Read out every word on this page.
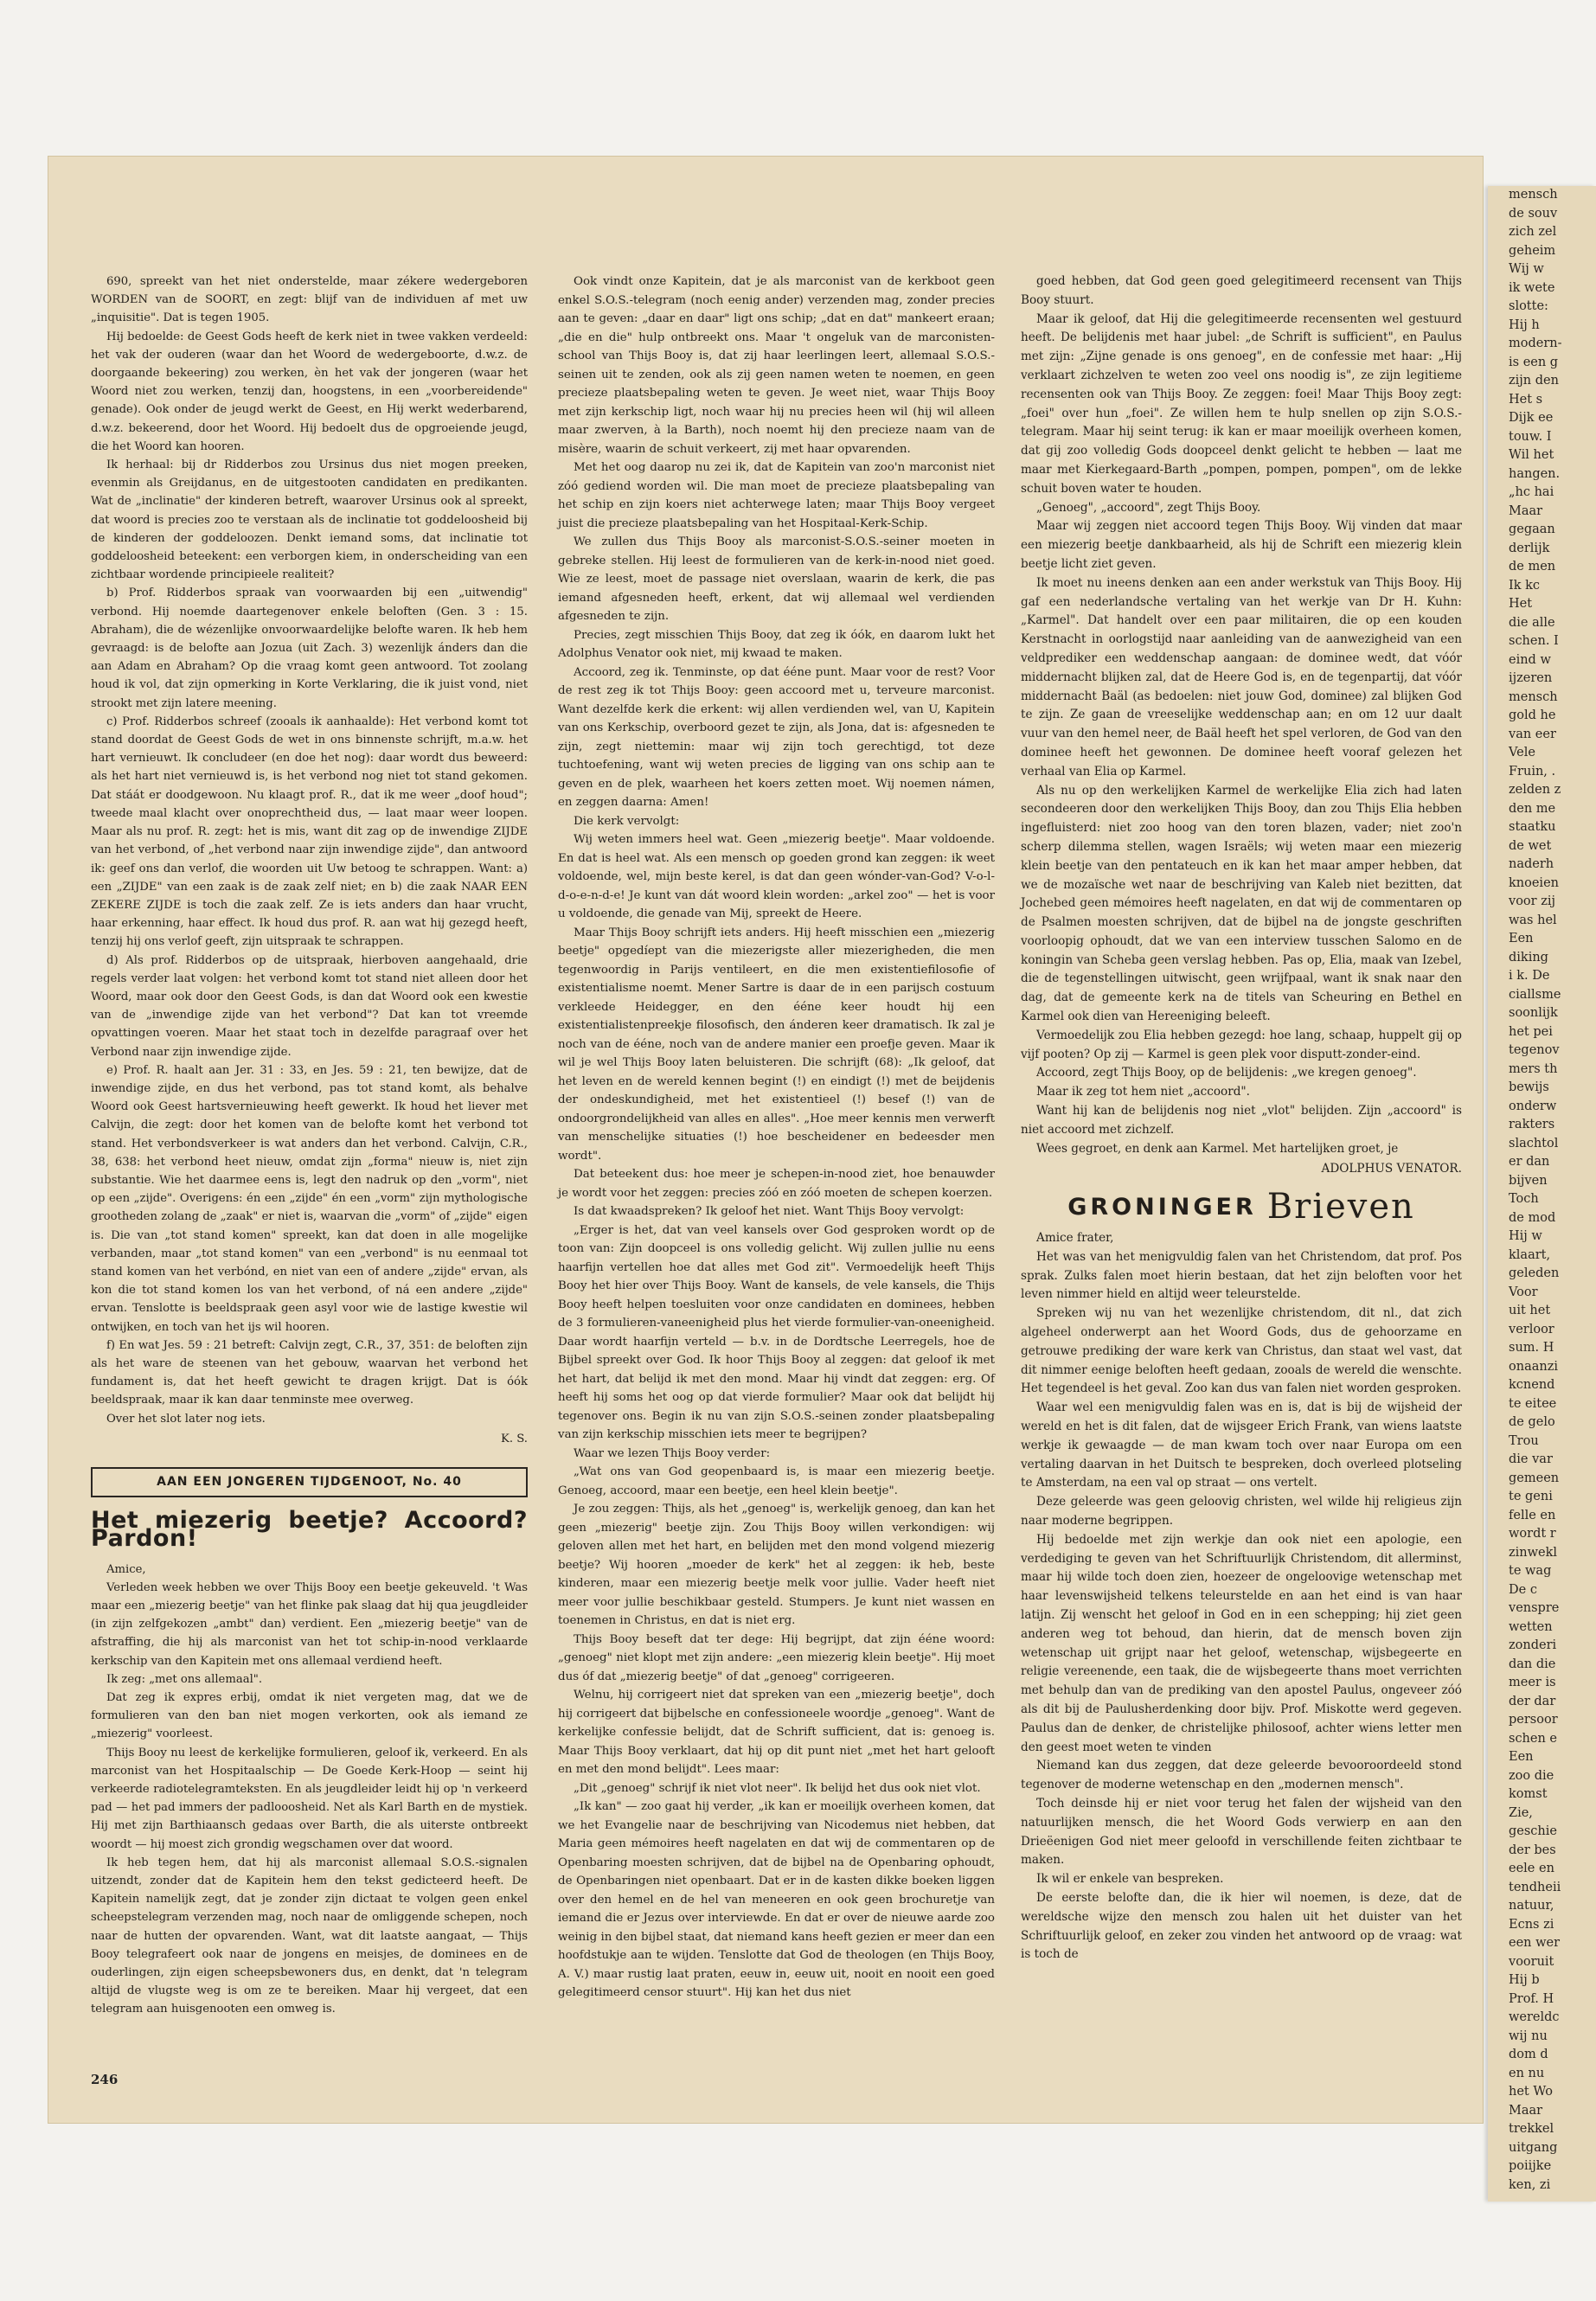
690, spreekt van het niet onderstelde, maar zékere wedergeboren WORDEN van de SOORT, en zegt: blijf van de individuen af met uw „inquisitie". Dat is tegen 1905.

Hij bedoelde: de Geest Gods heeft de kerk niet in twee vakken verdeeld: het vak der ouderen (waar dan het Woord de wedergeboorte, d.w.z. de doorgaande bekeering) zou werken, èn het vak der jongeren (waar het Woord niet zou werken, tenzij dan, hoogstens, in een „voorbereidende" genade). Ook onder de jeugd werkt de Geest, en Hij werkt wederbarend, d.w.z. bekeerend, door het Woord. Hij bedoelt dus de opgroeiende jeugd, die het Woord kan hooren.

Ik herhaal: bij dr Ridderbos zou Ursinus dus niet mogen preeken, evenmin als Greijdanus, en de uitgestooten candidaten en predikanten. Wat de „inclinatie" der kinderen betreft, waarover Ursinus ook al spreekt, dat woord is precies zoo te verstaan als de inclinatie tot goddeloosheid bij de kinderen der goddeloozen. Denkt iemand soms, dat inclinatie tot goddeloosheid beteekent: een verborgen kiem, in onderscheiding van een zichtbaar wordende principieele realiteit?

b) Prof. Ridderbos spraak van voorwaarden bij een „uitwendig" verbond. Hij noemde daartegenover enkele beloften (Gen. 3 : 15. Abraham), die de wézenlijke onvoorwaardelijke belofte waren. Ik heb hem gevraagd: is de belofte aan Jozua (uit Zach. 3) wezenlijk ánders dan die aan Adam en Abraham? Op die vraag komt geen antwoord. Tot zoolang houd ik vol, dat zijn opmerking in Korte Verklaring, die ik juist vond, niet strookt met zijn latere meening.

c) Prof. Ridderbos schreef (zooals ik aanhaalde): Het verbond komt tot stand doordat de Geest Gods de wet in ons binnenste schrijft, m.a.w. het hart vernieuwt. Ik concludeer (en doe het nog): daar wordt dus beweerd: als het hart niet vernieuwd is, is het verbond nog niet tot stand gekomen. Dat stáát er doodgewoon. Nu klaagt prof. R., dat ik me weer „doof houd"; tweede maal klacht over onoprechtheid dus, — laat maar weer loopen. Maar als nu prof. R. zegt: het is mis, want dit zag op de inwendige ZIJDE van het verbond, of „het verbond naar zijn inwendige zijde", dan antwoord ik: geef ons dan verlof, die woorden uit Uw betoog te schrappen. Want: a) een „ZIJDE" van een zaak is de zaak zelf niet; en b) die zaak NAAR EEN ZEKERE ZIJDE is toch die zaak zelf. Ze is iets anders dan haar vrucht, haar erkenning, haar effect. Ik houd dus prof. R. aan wat hij gezegd heeft, tenzij hij ons verlof geeft, zijn uitspraak te schrappen.

d) Als prof. Ridderbos op de uitspraak, hierboven aangehaald, drie regels verder laat volgen: het verbond komt tot stand niet alleen door het Woord, maar ook door den Geest Gods, is dan dat Woord ook een kwestie van de „inwendige zijde van het verbond"? Dat kan tot vreemde opvattingen voeren. Maar het staat toch in dezelfde paragraaf over het Verbond naar zijn inwendige zijde.

e) Prof. R. haalt aan Jer. 31 : 33, en Jes. 59 : 21, ten bewijze, dat de inwendige zijde, en dus het verbond, pas tot stand komt, als behalve Woord ook Geest hartsvernieuwing heeft gewerkt. Ik houd het liever met Calvijn, die zegt: door het komen van de belofte komt het verbond tot stand. Het verbondsverkeer is wat anders dan het verbond. Calvijn, C.R., 38, 638: het verbond heet nieuw, omdat zijn „forma" nieuw is, niet zijn substantie. Wie het daarmee eens is, legt den nadruk op den „vorm", niet op een „zijde". Overigens: én een „zijde" én een „vorm" zijn mythologische grootheden zolang de „zaak" er niet is, waarvan die „vorm" of „zijde" eigen is. Die van „tot stand komen" spreekt, kan dat doen in alle mogelijke verbanden, maar „tot stand komen" van een „verbond" is nu eenmaal tot stand komen van het verbónd, en niet van een of andere „zijde" ervan, als kon die tot stand komen los van het verbond, of ná een andere „zijde" ervan. Tenslotte is beeldspraak geen asyl voor wie de lastige kwestie wil ontwijken, en toch van het ijs wil hooren.

f) En wat Jes. 59 : 21 betreft: Calvijn zegt, C.R., 37, 351: de beloften zijn als het ware de steenen van het gebouw, waarvan het verbond het fundament is, dat het heeft gewicht te dragen krijgt. Dat is óók beeldspraak, maar ik kan daar tenminste mee overweg.

Over het slot later nog iets.

K. S.
AAN EEN JONGEREN TIJDGENOOT, No. 40
Het miezerig beetje? Accoord? Pardon!

Amice,

Verleden week hebben we over Thijs Booy een beetje gekeuveld. 't Was maar een „miezerig beetje" van het flinke pak slaag dat hij qua jeugdleider (in zijn zelfgekozen „ambt" dan) verdient. Een „miezerig beetje" van de afstraffing, die hij als marconist van het tot schip-in-nood verklaarde kerkschip van den Kapitein met ons allemaal verdiend heeft.

Ik zeg: „met ons allemaal".

Dat zeg ik expres erbij, omdat ik niet vergeten mag, dat we de formulieren van den ban niet mogen verkorten, ook als iemand ze „miezerig" voorleest.

Thijs Booy nu leest de kerkelijke formulieren, geloof ik, verkeerd. En als marconist van het Hospitaalschip — De Goede Kerk-Hoop — seint hij verkeerde radiotelegramteksten. En als jeugdleider leidt hij op 'n verkeerd pad — het pad immers der padlooosheid. Net als Karl Barth en de mystiek. Hij met zijn Barthiaansch gedaas over Barth, die als uiterste ontbreekt woordt — hij moest zich grondig wegschamen over dat woord.

Ik heb tegen hem, dat hij als marconist allemaal S.O.S.-signalen uitzendt, zonder dat de Kapitein hem den tekst gedicteerd heeft. De Kapitein namelijk zegt, dat je zonder zijn dictaat te volgen geen enkel scheepstelegram verzenden mag, noch naar de omliggende schepen, noch naar de hutten der opvarenden. Want, wat dit laatste aangaat, — Thijs Booy telegrafeert ook naar de jongens en meisjes, de dominees en de ouderlingen, zijn eigen scheepsbewoners dus, en denkt, dat 'n telegram altijd de vlugste weg is om ze te bereiken. Maar hij vergeet, dat een telegram aan huisgenooten een omweg is.

Ook vindt onze Kapitein, dat je als marconist van de kerkboot geen enkel S.O.S.-telegram (noch eenig ander) verzenden mag, zonder precies aan te geven: „daar en daar" ligt ons schip; „dat en dat" mankeert eraan; „die en die" hulp ontbreekt ons. Maar 't ongeluk van de marconisten-school van Thijs Booy is, dat zij haar leerlingen leert, allemaal S.O.S.-seinen uit te zenden, ook als zij geen namen weten te noemen, en geen precieze plaatsbepaling weten te geven. Je weet niet, waar Thijs Booy met zijn kerkschip ligt, noch waar hij nu precies heen wil (hij wil alleen maar zwerven, à la Barth), noch noemt hij den precieze naam van de misère, waarin de schuit verkeert, zij met haar opvarenden.

Met het oog daarop nu zei ik, dat de Kapitein van zoo'n marconist niet zóó gediend worden wil. Die man moet de precieze plaatsbepaling van het schip en zijn koers niet achterwege laten; maar Thijs Booy vergeet juist die precieze plaatsbepaling van het Hospitaal-Kerk-Schip.

We zullen dus Thijs Booy als marconist-S.O.S.-seiner moeten in gebreke stellen. Hij leest de formulieren van de kerk-in-nood niet goed. Wie ze leest, moet de passage niet overslaan, waarin de kerk, die pas iemand afgesneden heeft, erkent, dat wij allemaal wel verdienden afgesneden te zijn.

Precies, zegt misschien Thijs Booy, dat zeg ik óók, en daarom lukt het Adolphus Venator ook niet, mij kwaad te maken.

Accoord, zeg ik. Tenminste, op dat ééne punt. Maar voor de rest? Voor de rest zeg ik tot Thijs Booy: geen accoord met u, terveure marconist. Want dezelfde kerk die erkent: wij allen verdienden wel, van U, Kapitein van ons Kerkschip, overboord gezet te zijn, als Jona, dat is: afgesneden te zijn, zegt niettemin: maar wij zijn toch gerechtigd, tot deze tuchtoefening, want wij weten precies de ligging van ons schip aan te geven en de plek, waarheen het koers zetten moet. Wij noemen námen, en zeggen daarna: Amen!

Die kerk vervolgt:

Wij weten immers heel wat. Geen „miezerig beetje". Maar voldoende. En dat is heel wat. Als een mensch op goeden grond kan zeggen: ik weet voldoende, wel, mijn beste kerel, is dat dan geen wónder-van-God? V-o-l-d-o-e-n-d-e! Je kunt van dát woord klein worden: „arkel zoo" — het is voor u voldoende, die genade van Mij, spreekt de Heere.

Maar Thijs Booy schrijft iets anders. Hij heeft misschien een „miezerig beetje" opgedíept van die miezerigste aller miezerigheden, die men tegenwoordig in Parijs ventileert, en die men existentiefilosofie of existentialisme noemt. Mener Sartre is daar de in een parijsch costuum verkleede Heidegger, en den ééne keer houdt hij een existentialistenpreekje filosofisch, den ánderen keer dramatisch. Ik zal je noch van de ééne, noch van de andere manier een proefje geven. Maar ik wil je wel Thijs Booy laten beluisteren. Die schrijft (68): „Ik geloof, dat het leven en de wereld kennen begint (!) en eindigt (!) met de beijdenis der ondeskundigheid, met het existentieel (!) besef (!) van de ondoorgrondelijkheid van alles en alles". „Hoe meer kennis men verwerft van menschelijke situaties (!) hoe bescheidener en bedeesder men wordt".

Dat beteekent dus: hoe meer je schepen-in-nood ziet, hoe benauwder je wordt voor het zeggen: precies zóó en zóó moeten de schepen koerzen.

Is dat kwaadspreken? Ik geloof het niet. Want Thijs Booy vervolgt:

„Erger is het, dat van veel kansels over God gesproken wordt op de toon van: Zijn doopceel is ons volledig gelicht. Wij zullen jullie nu eens haarfijn vertellen hoe dat alles met God zit". Vermoedelijk heeft Thijs Booy het hier over Thijs Booy. Want de kansels, de vele kansels, die Thijs Booy heeft helpen toesluiten voor onze candidaten en dominees, hebben de 3 formulieren-vaneenigheid plus het vierde formulier-van-oneenigheid. Daar wordt haarfijn verteld — b.v. in de Dordtsche Leerregels, hoe de Bijbel spreekt over God. Ik hoor Thijs Booy al zeggen: dat geloof ik met het hart, dat belijd ik met den mond. Maar hij vindt dat zeggen: erg. Of heeft hij soms het oog op dat vierde formulier? Maar ook dat belijdt hij tegenover ons. Begin ik nu van zijn S.O.S.-seinen zonder plaatsbepaling van zijn kerkschip misschien iets meer te begrijpen?

Waar we lezen Thijs Booy verder:

„Wat ons van God geopenbaard is, is maar een miezerig beetje. Genoeg, accoord, maar een beetje, een heel klein beetje".

Je zou zeggen: Thijs, als het „genoeg" is, werkelijk genoeg, dan kan het geen „miezerig" beetje zijn. Zou Thijs Booy willen verkondigen: wij geloven allen met het hart, en belijden met den mond volgend miezerig beetje? Wij hooren „moeder de kerk" het al zeggen: ik heb, beste kinderen, maar een miezerig beetje melk voor jullie. Vader heeft niet meer voor jullie beschikbaar gesteld. Stumpers. Je kunt niet wassen en toenemen in Christus, en dat is niet erg.

Thijs Booy beseft dat ter dege: Hij begrijpt, dat zijn ééne woord: „genoeg" niet klopt met zijn andere: „een miezerig klein beetje". Hij moet dus óf dat „miezerig beetje" of dat „genoeg" corrigeeren.

Welnu, hij corrigeert niet dat spreken van een „miezerig beetje", doch hij corrigeert dat bijbelsche en confessioneele woordje „genoeg". Want de kerkelijke confessie belijdt, dat de Schrift sufficient, dat is: genoeg is. Maar Thijs Booy verklaart, dat hij op dit punt niet „met het hart gelooft en met den mond belijdt". Lees maar:

„Dit „genoeg" schrijf ik niet vlot neer". Ik belijd het dus ook niet vlot.

„Ik kan" — zoo gaat hij verder, „ik kan er moeilijk overheen komen, dat we het Evangelie naar de beschrijving van Nicodemus niet hebben, dat Maria geen mémoires heeft nagelaten en dat wij de commentaren op de Openbaring moesten schrijven, dat de bijbel na de Openbaring ophoudt, de Openbaringen niet openbaart. Dat er in de kasten dikke boeken liggen over den hemel en de hel van meneeren en ook geen brochuretje van iemand die er Jezus over interviewde. En dat er over de nieuwe aarde zoo weinig in den bijbel staat, dat niemand kans heeft gezien er meer dan een hoofdstukje aan te wijden. Tenslotte dat God de theologen (en Thijs Booy, A. V.) maar rustig laat praten, eeuw in, eeuw uit, nooit en nooit een goed gelegitimeerd censor stuurt". Hij kan het dus niet

goed hebben, dat God geen goed gelegitimeerd recensent van Thijs Booy stuurt.

Maar ik geloof, dat Hij die gelegitimeerde recensenten wel gestuurd heeft. De belijdenis met haar jubel: „de Schrift is sufficient", en Paulus met zijn: „Zijne genade is ons genoeg", en de confessie met haar: „Hij verklaart zichzelven te weten zoo veel ons noodig is", ze zijn legitieme recensenten ook van Thijs Booy. Ze zeggen: foei! Maar Thijs Booy zegt: „foei" over hun „foei". Ze willen hem te hulp snellen op zijn S.O.S.-telegram. Maar hij seint terug: ik kan er maar moeilijk overheen komen, dat gij zoo volledig Gods doopceel denkt gelicht te hebben — laat me maar met Kierkegaard-Barth „pompen, pompen, pompen", om de lekke schuit boven water te houden.

„Genoeg", „accoord", zegt Thijs Booy.

Maar wij zeggen niet accoord tegen Thijs Booy. Wij vinden dat maar een miezerig beetje dankbaarheid, als hij de Schrift een miezerig klein beetje licht ziet geven.

Ik moet nu ineens denken aan een ander werkstuk van Thijs Booy. Hij gaf een nederlandsche vertaling van het werkje van Dr H. Kuhn: „Karmel". Dat handelt over een paar militairen, die op een kouden Kerstnacht in oorlogstijd naar aanleiding van de aanwezigheid van een veldprediker een weddenschap aangaan: de dominee wedt, dat vóór middernacht blijken zal, dat de Heere God is, en de tegenpartij, dat vóór middernacht Baäl (as bedoelen: niet jouw God, dominee) zal blijken God te zijn. Ze gaan de vreeselijke weddenschap aan; en om 12 uur daalt vuur van den hemel neer, de Baäl heeft het spel verloren, de God van den dominee heeft het gewonnen. De dominee heeft vooraf gelezen het verhaal van Elia op Karmel.

Als nu op den werkelijken Karmel de werkelijke Elia zich had laten secondeeren door den werkelijken Thijs Booy, dan zou Thijs Elia hebben ingefluisterd: niet zoo hoog van den toren blazen, vader; niet zoo'n scherp dilemma stellen, wagen Israëls; wij weten maar een miezerig klein beetje van den pentateuch en ik kan het maar amper hebben, dat we de mozaïsche wet naar de beschrijving van Kaleb niet bezitten, dat Jochebed geen mémoires heeft nagelaten, en dat wij de commentaren op de Psalmen moesten schrijven, dat de bijbel na de jongste geschriften voorloopig ophoudt, dat we van een interview tusschen Salomo en de koningin van Scheba geen verslag hebben. Pas op, Elia, maak van Izebel, die de tegenstellingen uitwischt, geen wrijfpaal, want ik snak naar den dag, dat de gemeente kerk na de titels van Scheuring en Bethel en Karmel ook dien van Hereeniging beleeft.

Vermoedelijk zou Elia hebben gezegd: hoe lang, schaap, huppelt gij op vijf pooten? Op zij — Karmel is geen plek voor disputt-zonder-eind.

Accoord, zegt Thijs Booy, op de belijdenis: „we kregen genoeg".

Maar ik zeg tot hem niet „accoord".

Want hij kan de belijdenis nog niet „vlot" belijden. Zijn „accoord" is niet accoord met zichzelf.

Wees gegroet, en denk aan Karmel. Met hartelijken groet, je

ADOLPHUS VENATOR.
GRONINGER Brieven

Amice frater,

Het was van het menigvuldig falen van het Christendom, dat prof. Pos sprak. Zulks falen moet hierin bestaan, dat het zijn beloften voor het leven nimmer hield en altijd weer teleurstelde.

Spreken wij nu van het wezenlijke christendom, dit nl., dat zich algeheel onderwerpt aan het Woord Gods, dus de gehoorzame en getrouwe prediking der ware kerk van Christus, dan staat wel vast, dat dit nimmer eenige beloften heeft gedaan, zooals de wereld die wenschte. Het tegendeel is het geval. Zoo kan dus van falen niet worden gesproken.

Waar wel een menigvuldig falen was en is, dat is bij de wijsheid der wereld en het is dit falen, dat de wijsgeer Erich Frank, van wiens laatste werkje ik gewaagde — de man kwam toch over naar Europa om een vertaling daarvan in het Duitsch te bespreken, doch overleed plotseling te Amsterdam, na een val op straat — ons vertelt.

Deze geleerde was geen geloovig christen, wel wilde hij religieus zijn naar moderne begrippen.

Hij bedoelde met zijn werkje dan ook niet een apologie, een verdediging te geven van het Schriftuurlijk Christendom, dit allerminst, maar hij wilde toch doen zien, hoezeer de ongeloovige wetenschap met haar levenswijsheid telkens teleurstelde en aan het eind is van haar latijn. Zij wenscht het geloof in God en in een schepping; hij ziet geen anderen weg tot behoud, dan hierin, dat de mensch boven zijn wetenschap uit grijpt naar het geloof, wetenschap, wijsbegeerte en religie vereenende, een taak, die de wijsbegeerte thans moet verrichten met behulp dan van de prediking van den apostel Paulus, ongeveer zóó als dit bij de Paulusherdenking door bijv. Prof. Miskotte werd gegeven. Paulus dan de denker, de christelijke philosoof, achter wiens letter men den geest moet weten te vinden

Niemand kan dus zeggen, dat deze geleerde bevooroordeeld stond tegenover de moderne wetenschap en den „modernen mensch".

Toch deinsde hij er niet voor terug het falen der wijsheid van den natuurlijken mensch, die het Woord Gods verwierp en aan den Drieëenigen God niet meer geloofd in verschillende feiten zichtbaar te maken.

Ik wil er enkele van bespreken.

De eerste belofte dan, die ik hier wil noemen, is deze, dat de wereldsche wijze den mensch zou halen uit het duister van het Schriftuurlijk geloof, en zeker zou vinden het antwoord op de vraag: wat is toch de

246
mensch
de souv
zich zel
geheim
Wij w
ik wete
slotte:
Hij h
modern-
is een g
zijn den
Het s
Dijk ee
touw. I
Wil het
hangen.
„hc hai
Maar
gegaan
derlijk
de men
Ik kc
Het
die alle
schen. I
eind w
ijzeren
mensch
gold he
van eer
Vele
Fruin, .
zelden z
den me
staatku
de wet
naderh
knoeien
voor zij
was hel
Een
diking
i k. De
ciallsme
soonlijk
het pei
tegenov
mers th
bewijs
onderw
rakters
slachtol
er dan
bijven
Toch
de mod
Hij w
klaart,
geleden
Voor
uit het
verloor
sum. H
onaanzi
kcnend
te eitee
de gelo
Trou
die var
gemeen
te geni
felle en
wordt r
zinwekl
te wag
De c
venspre
wetten
zonderi
dan die
meer is
der dar
persoor
schen e
Een
zoo die
komst
Zie,
geschie
der bes
eele en
tendheii
natuur,
Ecns zi
een wer
vooruit
Hij b
Prof. H
wereldc
wij nu
dom d
en nu
het Wo
Maar
trekkel
uitgang
poiijke
ken, zi
